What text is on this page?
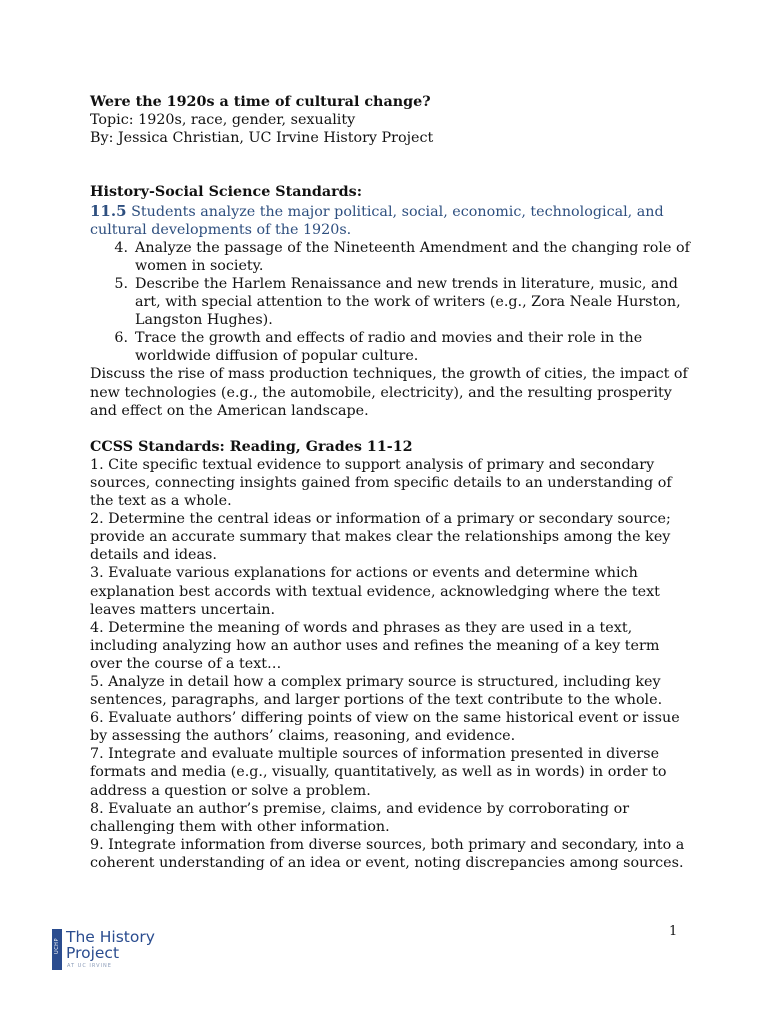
Were the 1920s a time of cultural change?

Topic: 1920s, race, gender, sexuality

By: Jessica Christian, UC Irvine History Project

History-Social Science Standards:

11.5 Students analyze the major political, social, economic, technological, and cultural developments of the 1920s.

4. Analyze the passage of the Nineteenth Amendment and the changing role of women in society.
5. Describe the Harlem Renaissance and new trends in literature, music, and art, with special attention to the work of writers (e.g., Zora Neale Hurston, Langston Hughes).
6. Trace the growth and effects of radio and movies and their role in the worldwide diffusion of popular culture.

Discuss the rise of mass production techniques, the growth of cities, the impact of new technologies (e.g., the automobile, electricity), and the resulting prosperity and effect on the American landscape.

CCSS Standards: Reading, Grades 11-12

1. Cite specific textual evidence to support analysis of primary and secondary sources, connecting insights gained from specific details to an understanding of the text as a whole.

2. Determine the central ideas or information of a primary or secondary source; provide an accurate summary that makes clear the relationships among the key details and ideas.

3. Evaluate various explanations for actions or events and determine which explanation best accords with textual evidence, acknowledging where the text leaves matters uncertain.

4. Determine the meaning of words and phrases as they are used in a text, including analyzing how an author uses and refines the meaning of a key term over the course of a text…

5. Analyze in detail how a complex primary source is structured, including key sentences, paragraphs, and larger portions of the text contribute to the whole.

6. Evaluate authors’ differing points of view on the same historical event or issue by assessing the authors’ claims, reasoning, and evidence.

7. Integrate and evaluate multiple sources of information presented in diverse formats and media (e.g., visually, quantitatively, as well as in words) in order to address a question or solve a problem.

8. Evaluate an author’s premise, claims, and evidence by corroborating or challenging them with other information.

9. Integrate information from diverse sources, both primary and secondary, into a coherent understanding of an idea or event, noting discrepancies among sources.

1
UCHP The History
Project
AT UC IRVINE
